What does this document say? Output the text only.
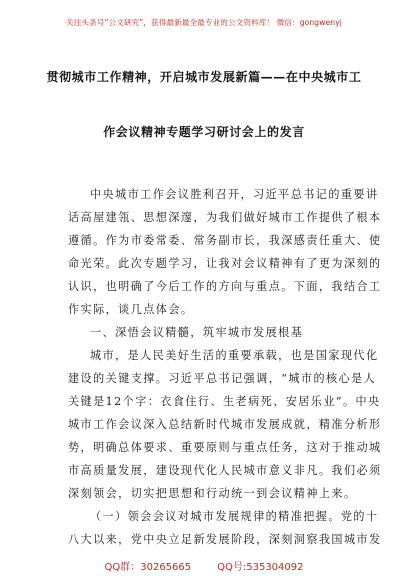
关注头条号“公文研究”，获得最新最全最专业的公文资料库！ 微信：gongwenyj
贯彻城市工作精神，开启城市发展新篇——在中央城市工
作会议精神专题学习研讨会上的发言
中央城市工作会议胜利召开，习近平总书记的重要讲
话高屋建瓴、思想深邃，为我们做好城市工作提供了根本
遵循。作为市委常委、常务副市长，我深感责任重大、使
命光荣。此次专题学习，让我对会议精神有了更为深刻的
认识，也明确了今后工作的方向与重点。下面，我结合工
作实际，谈几点体会。
一、深悟会议精髓，筑牢城市发展根基
城市，是人民美好生活的重要承载，也是国家现代化
建设的关键支撑。习近平总书记强调，“城市的核心是人
关键是12个字：衣食住行、生老病死、安居乐业”。中央
城市工作会议深入总结新时代城市发展成就，精准分析形
势，明确总体要求、重要原则与重点任务，这对于推动城
市高质量发展，建设现代化人民城市意义非凡。我们必须
深刻领会，切实把思想和行动统一到会议精神上来。
（一）领会会议对城市发展规律的精准把握。党的十
八大以来，党中央立足新发展阶段，深刻洞察我国城市发
QQ群：30265665	QQ号:535304092
